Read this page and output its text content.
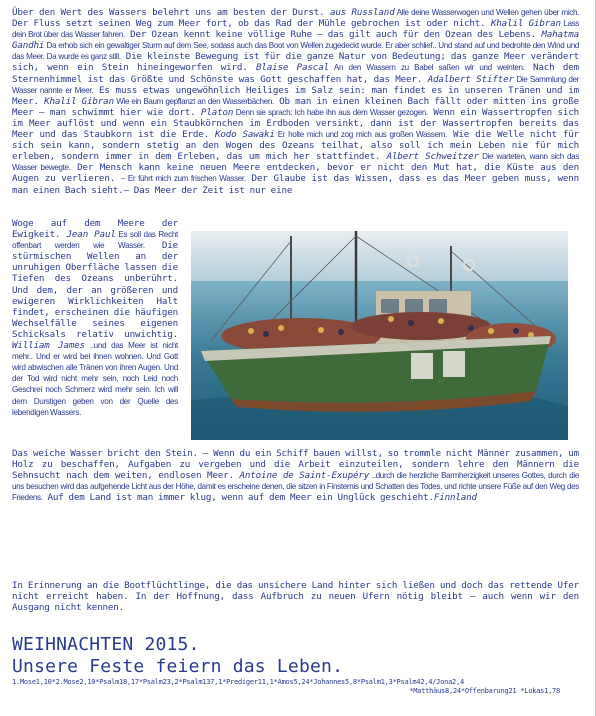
Über den Wert des Wassers belehrt uns am besten der Durst. aus Russland Alle deine Wasserwogen und Wellen gehen über mich. Der Fluss setzt seinen Weg zum Meer fort, ob das Rad der Mühle gebrochen ist oder nicht. Khalil Gibran Lass dein Brot über das Wasser fahren. Der Ozean kennt keine völlige Ruhe – das gilt auch für den Ozean des Lebens. Mahatma Gandhi Da erhob sich ein gewaltiger Sturm auf dem See, sodass auch das Boot von Wellen zugedeckt wurde. Er aber schlief.. Und stand auf und bedrohte den Wind und das Meer. Da wurde es ganz still. Die kleinste Bewegung ist für die ganze Natur von Bedeutung; das ganze Meer verändert sich, wenn ein Stein hineingeworfen wird. Blaise Pascal An den Wassern zu Babel saßen wir und weinten. Nach dem Sternenhimmel ist das Größte und Schönste was Gott geschaffen hat, das Meer. Adalbert Stifter Die Sammlung der Wasser nannte er Meer. Es muss etwas ungewöhnlich Heiliges im Salz sein: man findet es in unseren Tränen und im Meer. Khalil Gibran Wie ein Baum gepflanzt an den Wasserbächen. Ob man in einen kleinen Bach fällt oder mitten ins große Meer – man schwimmt hier wie dort. Platon Denn sie sprach: Ich habe ihn aus dem Wasser gezogen. Wenn ein Wassertropfen sich im Meer auflöst und wenn ein Staubkörnchen im Erdboden versinkt, dann ist der Wassertropfen bereits das Meer und das Staubkorn ist die Erde. Kodo Sawaki Er holte mich und zog mich aus großen Wassern. Wie die Welle nicht für sich sein kann, sondern stetig an den Wogen des Ozeans teilhat, also soll ich mein Leben nie für mich erleben, sondern immer in dem Erleben, das um mich her stattfindet. Albert Schweitzer Die warteten, wann sich das Wasser bewegte. Der Mensch kann keine neuen Meere entdecken, bevor er nicht den Mut hat, die Küste aus den Augen zu verlieren. – Er führt mich zum frischen Wasser. Der Glaube ist das Wissen, dass es das Meer geben muss, wenn man einen Bach sieht.– Das Meer der Zeit ist nur eine
Woge auf dem Meere der Ewigkeit. Jean Paul Es soll das Recht offenbart werden wie Wasser. Die stürmischen Wellen an der unruhigen Oberfläche lassen die Tiefen des Ozeans unberührt. Und dem, der an größeren und ewigeren Wirklichkeiten Halt findet, erscheinen die häufigen Wechselfälle seines eigenen Schicksals relativ unwichtig. William James ..und das Meer ist nicht mehr.. Und er wird bei ihnen wohnen. Und Gott wird abwischen alle Tränen von ihren Augen. Und der Tod wird nicht mehr sein, noch Leid noch Geschrei noch Schmerz wird mehr sein. Ich will dem Durstigen geben von der Quelle des lebendigen Wassers.
Das weiche Wasser bricht den Stein. – Wenn du ein Schiff bauen willst, so trommle nicht Männer zusammen, um Holz zu beschaffen, Aufgaben zu vergeben und die Arbeit einzuteilen, sondern lehre den Männern die Sehnsucht nach dem weiten, endlosen Meer. Antoine de Saint-Exupéry ..durch die herzliche Barmherzigkeit unseres Gottes, durch die uns besuchen wird das aufgehende Licht aus der Höhe, damit es erscheine denen, die sitzen in Finsternis und Schatten des Todes, und richte unsere Füße auf den Weg des Friedens. Auf dem Land ist man immer klug, wenn auf dem Meer ein Unglück geschieht.Finnland
In Erinnerung an die Bootflüchtlinge, die das unsichere Land hinter sich ließen und doch das rettende Ufer nicht erreicht haben. In der Hoffnung, dass Aufbruch zu neuen Ufern nötig bleibt – auch wenn wir den Ausgang nicht kennen.
WEIHNACHTEN 2015.
Unsere Feste feiern das Leben.
1.Mose1,10*2.Mose2,10*Psalm18,17*Psalm23,2*Psalm137,1*Prediger11,1*Amos5,24*Johannes5,8*Psalm1,3*Psalm42,4/Jona2,4
*Matthäus8,24*Offenbarung21 *Lukas1,78
